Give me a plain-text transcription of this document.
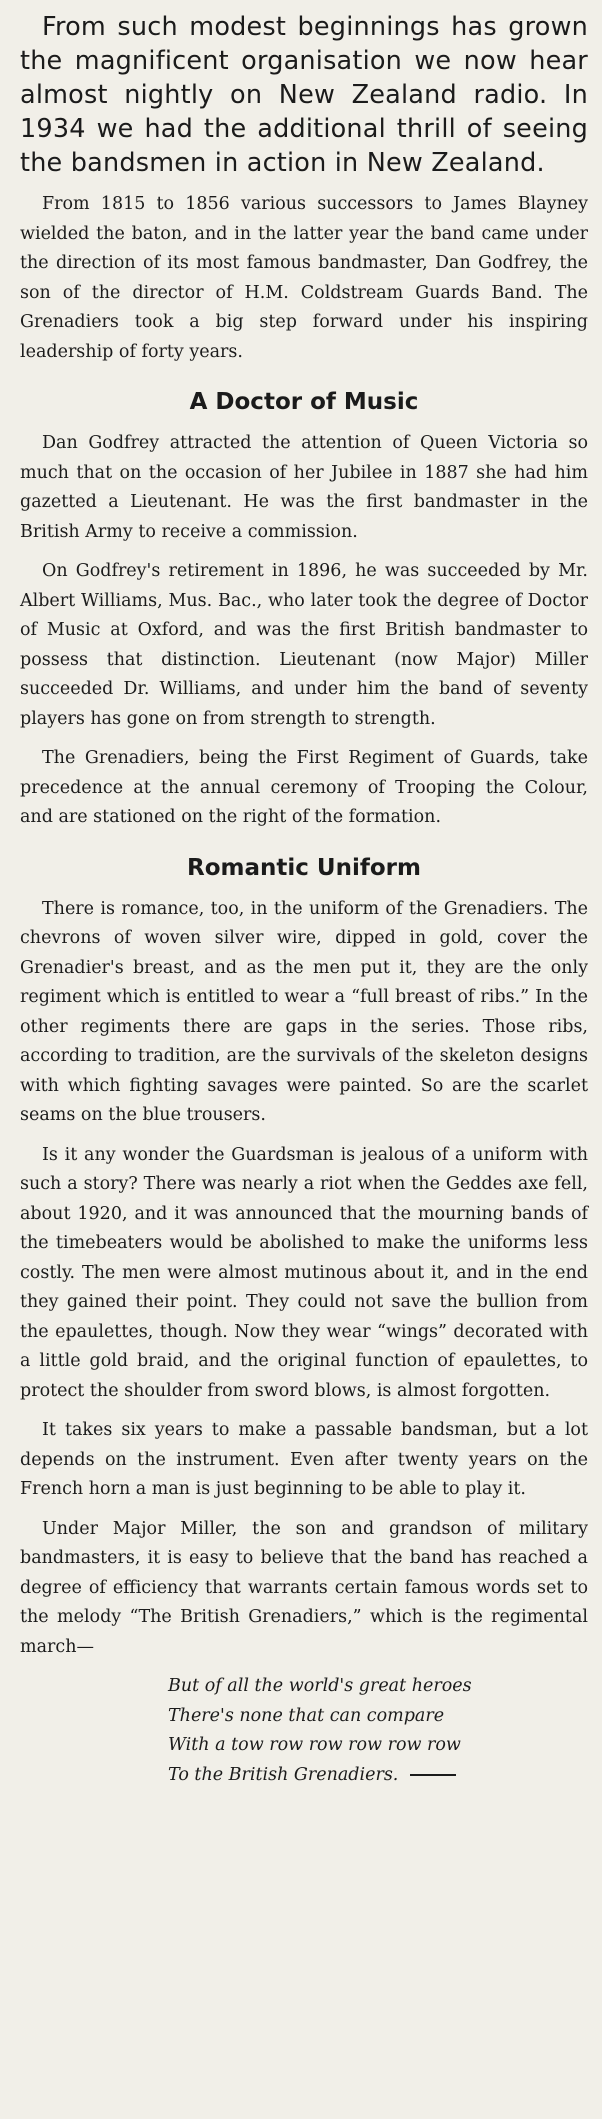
From such modest beginnings has grown the magnificent organisation we now hear almost nightly on New Zealand radio. In 1934 we had the additional thrill of seeing the bandsmen in action in New Zealand.

From 1815 to 1856 various successors to James Blayney wielded the baton, and in the latter year the band came under the direction of its most famous bandmaster, Dan Godfrey, the son of the director of H.M. Coldstream Guards Band. The Grenadiers took a big step forward under his inspiring leadership of forty years.

A Doctor of Music

Dan Godfrey attracted the attention of Queen Victoria so much that on the occasion of her Jubilee in 1887 she had him gazetted a Lieutenant. He was the first bandmaster in the British Army to receive a commission.

On Godfrey's retirement in 1896, he was succeeded by Mr. Albert Williams, Mus. Bac., who later took the degree of Doctor of Music at Oxford, and was the first British bandmaster to possess that distinction. Lieutenant (now Major) Miller succeeded Dr. Williams, and under him the band of seventy players has gone on from strength to strength.

The Grenadiers, being the First Regiment of Guards, take precedence at the annual ceremony of Trooping the Colour, and are stationed on the right of the formation.

Romantic Uniform

There is romance, too, in the uniform of the Grenadiers. The chevrons of woven silver wire, dipped in gold, cover the Grenadier's breast, and as the men put it, they are the only regiment which is entitled to wear a “full breast of ribs.” In the other regiments there are gaps in the series. Those ribs, according to tradition, are the survivals of the skeleton designs with which fighting savages were painted. So are the scarlet seams on the blue trousers.

Is it any wonder the Guardsman is jealous of a uniform with such a story? There was nearly a riot when the Geddes axe fell, about 1920, and it was announced that the mourning bands of the timebeaters would be abolished to make the uniforms less costly. The men were almost mutinous about it, and in the end they gained their point. They could not save the bullion from the epaulettes, though. Now they wear “wings” decorated with a little gold braid, and the original function of epaulettes, to protect the shoulder from sword blows, is almost forgotten.

It takes six years to make a passable bandsman, but a lot depends on the instrument. Even after twenty years on the French horn a man is just beginning to be able to play it.

Under Major Miller, the son and grandson of military bandmasters, it is easy to believe that the band has reached a degree of efficiency that warrants certain famous words set to the melody “The British Grenadiers,” which is the regimental march—

But of all the world's great heroes
There's none that can compare
With a tow row row row row row
To the British Grenadiers.
